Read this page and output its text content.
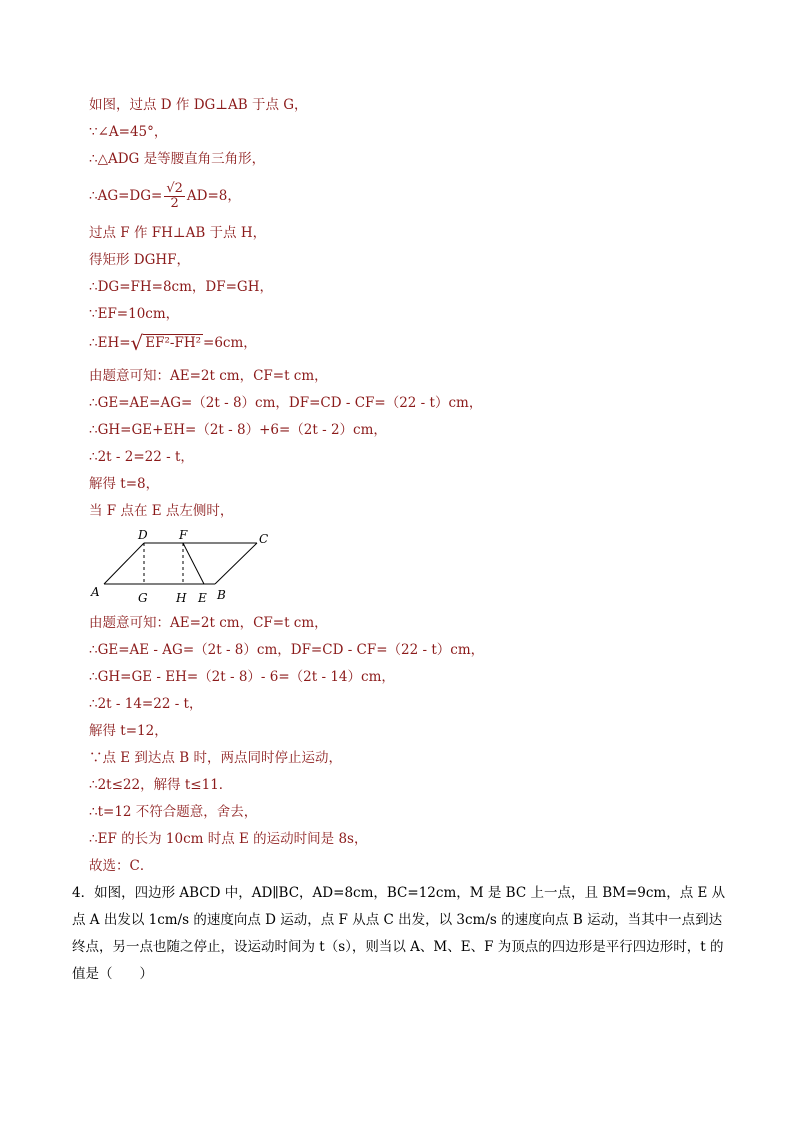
如图，过点 D 作 DG⊥AB 于点 G，
∵∠A=45°，
∴△ADG 是等腰直角三角形，
∴AG=DG= $\frac{√2}{2} AD=8$，
过点 F 作 FH⊥AB 于点 H，
得矩形 DGHF，
∴DG=FH=8cm，DF=GH，
∵EF=10cm，
∴EH=√ EF²-FH² =6cm，
由题意可知：AE=2t cm，CF=t cm，
∴GE=AE=AG=（2t - 8）cm，DF=CD - CF=（22 - t）cm，
∴GH=GE+EH=（2t - 8）+6=（2t - 2）cm，
∴2t - 2=22 - t，
解得 t=8，
当 F 点在 E 点左侧时，
D	F	C
A	G H E B
由题意可知：AE=2t cm，CF=t cm，
∴GE=AE - AG=（2t - 8）cm，DF=CD - CF=（22 - t）cm，
∴GH=GE - EH=（2t - 8）- 6=（2t - 14）cm，
∴2t - 14=22 - t，
解得 t=12，
∵点 E 到达点 B 时，两点同时停止运动，
∴2t≤22，解得 t≤11．
∴t=12 不符合题意，舍去，
∴EF 的长为 10cm 时点 E 的运动时间是 8s，
故选：C．
4．如图，四边形 ABCD 中，AD∥BC，AD=8cm，BC=12cm，M 是 BC 上一点，且 BM=9cm，点 E 从点 A 出发以 1cm/s 的速度向点 D 运动，点 F 从点 C 出发，以 3cm/s 的速度向点 B 运动，当其中一点到达终点，另一点也随之停止，设运动时间为 t（s），则当以 A、M、E、F 为顶点的四边形是平行四边形时，t 的值是（　　）
